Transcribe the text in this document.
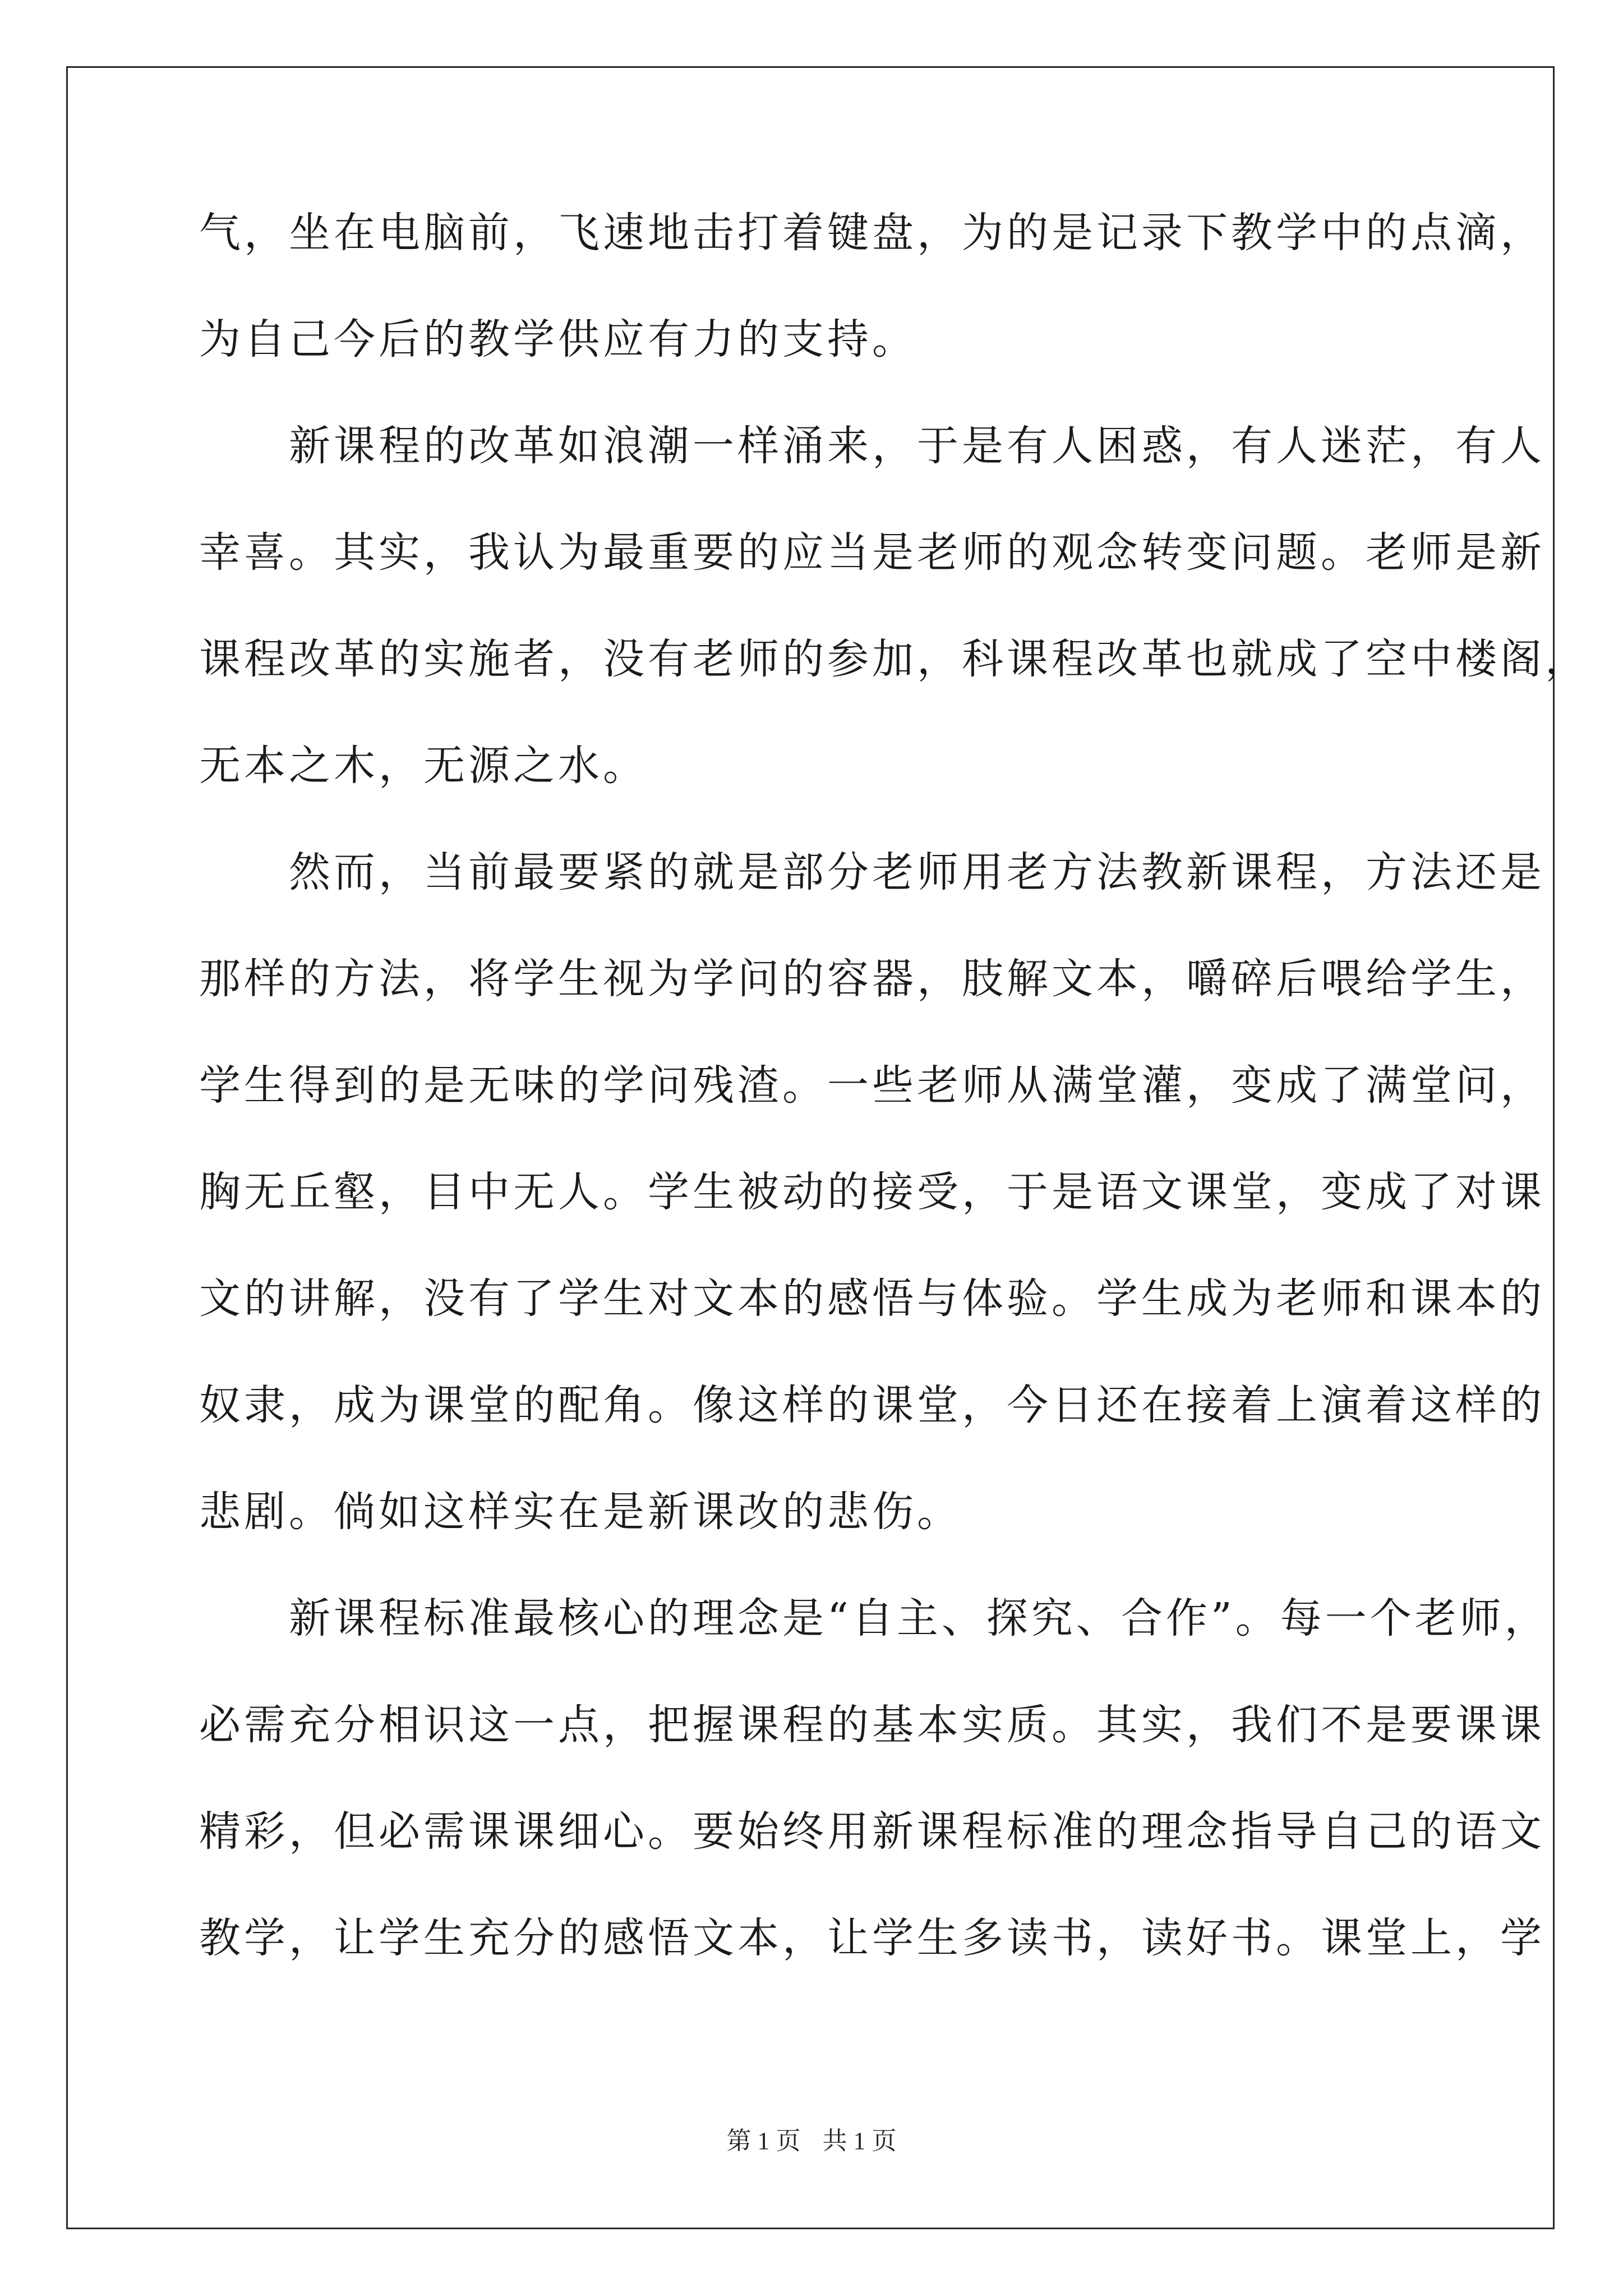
气，坐在电脑前，飞速地击打着键盘，为的是记录下教学中的点滴，
为自己今后的教学供应有力的支持。
　　新课程的改革如浪潮一样涌来，于是有人困惑，有人迷茫，有人
幸喜。其实，我认为最重要的应当是老师的观念转变问题。老师是新
课程改革的实施者，没有老师的参加，科课程改革也就成了空中楼阁，
无本之木，无源之水。
　　然而，当前最要紧的就是部分老师用老方法教新课程，方法还是
那样的方法，将学生视为学问的容器，肢解文本，嚼碎后喂给学生，
学生得到的是无味的学问残渣。一些老师从满堂灌，变成了满堂问，
胸无丘壑，目中无人。学生被动的接受，于是语文课堂，变成了对课
文的讲解，没有了学生对文本的感悟与体验。学生成为老师和课本的
奴隶，成为课堂的配角。像这样的课堂，今日还在接着上演着这样的
悲剧。倘如这样实在是新课改的悲伤。
　　新课程标准最核心的理念是“自主、探究、合作”。每一个老师，
必需充分相识这一点，把握课程的基本实质。其实，我们不是要课课
精彩，但必需课课细心。要始终用新课程标准的理念指导自己的语文
教学，让学生充分的感悟文本，让学生多读书，读好书。课堂上，学
第 1 页 共 1 页
